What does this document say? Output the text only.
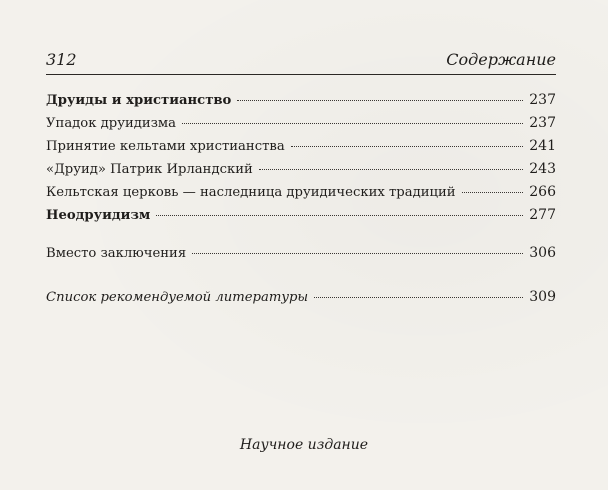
312	Содержание
Друиды и христианство	237
Упадок друидизма	237
Принятие кельтами христианства	241
«Друид» Патрик Ирландский	243
Кельтская церковь — наследница друидических традиций	266
Неодруидизм	277
Вместо заключения	306
Список рекомендуемой литературы	309
Научное издание
